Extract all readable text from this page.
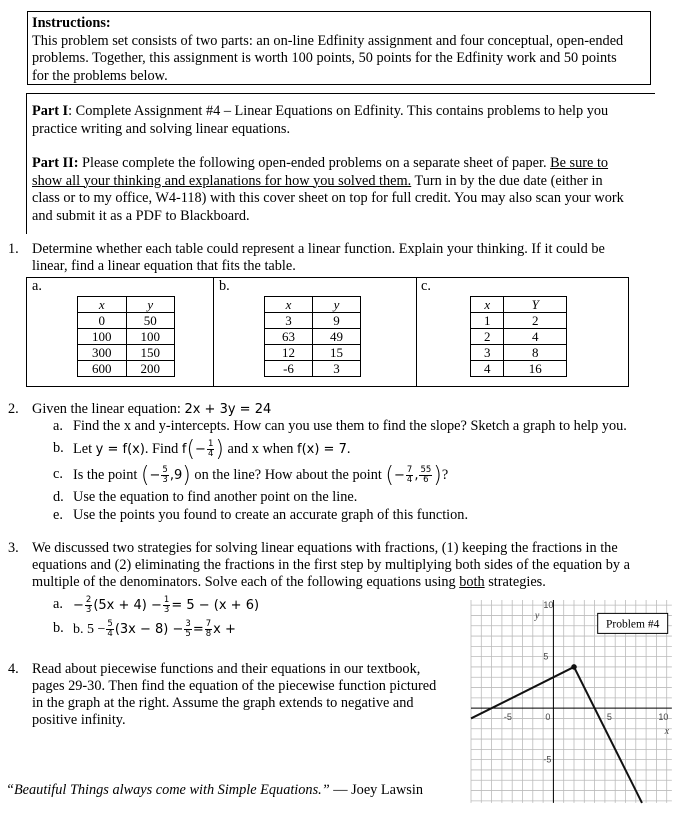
Instructions:

This problem set consists of two parts: an on-line Edfinity assignment and four conceptual, open-ended

problems. Together, this assignment is worth 100 points, 50 points for the Edfinity work and 50 points

for the problems below.

Part I: Complete Assignment #4 – Linear Equations on Edfinity. This contains problems to help you

practice writing and solving linear equations.

Part II: Please complete the following open-ended problems on a separate sheet of paper. Be sure to

show all your thinking and explanations for how you solved them. Turn in by the due date (either in

class or to my office, W4-118) with this cover sheet on top for full credit. You may also scan your work

and submit it as a PDF to Blackboard.

1. Determine whether each table could represent a linear function. Explain your thinking. If it could be

linear, find a linear equation that fits the table.

a.	b.	c.
x	y
0	50
100	100
300	150
600	200
x	y
3	9
63	49
12	15
-6	3
x	Y
1	2
2	4
3	8
4	16
2. Given the linear equation: 2x + 3y = 24

a. Find the x and y-intercepts. How can you use them to find the slope? Sketch a graph to help you.
b. Let y = f(x). Find $f(- \frac{1}{4}$ ) and x when f(x) = 7.
c. Is the point (− $\frac{5}{3} ,9$) on the line? How about the point (− $\frac{7}{4}$ , $\frac{55}{6}$ )?
d. Use the equation to find another point on the line.
e. Use the points you found to create an accurate graph of this function.
3. We discussed two strategies for solving linear equations with fractions, (1) keeping the fractions in the

equations and (2) eliminating the fractions in the first step by multiplying both sides of the equation by a

multiple of the denominators. Solve each of the following equations using both strategies.

a. − $\frac{2}{3} (5x + 4) - \frac{1}{3} = 5 - (x + 6)$
b. b. $5 - \frac{5}{4} (3x - 8) - \frac{3}{5} = \frac{7}{8}$ x +
4. Read about piecewise functions and their equations in our textbook,

pages 29-30. Then find the equation of the piecewise function pictured

in the graph at the right. Assume the graph extends to negative and

positive infinity.	-5	0	5	10
10
5
-5
x
y
Problem #4

“Beautiful Things always come with Simple Equations.” — Joey Lawsin
